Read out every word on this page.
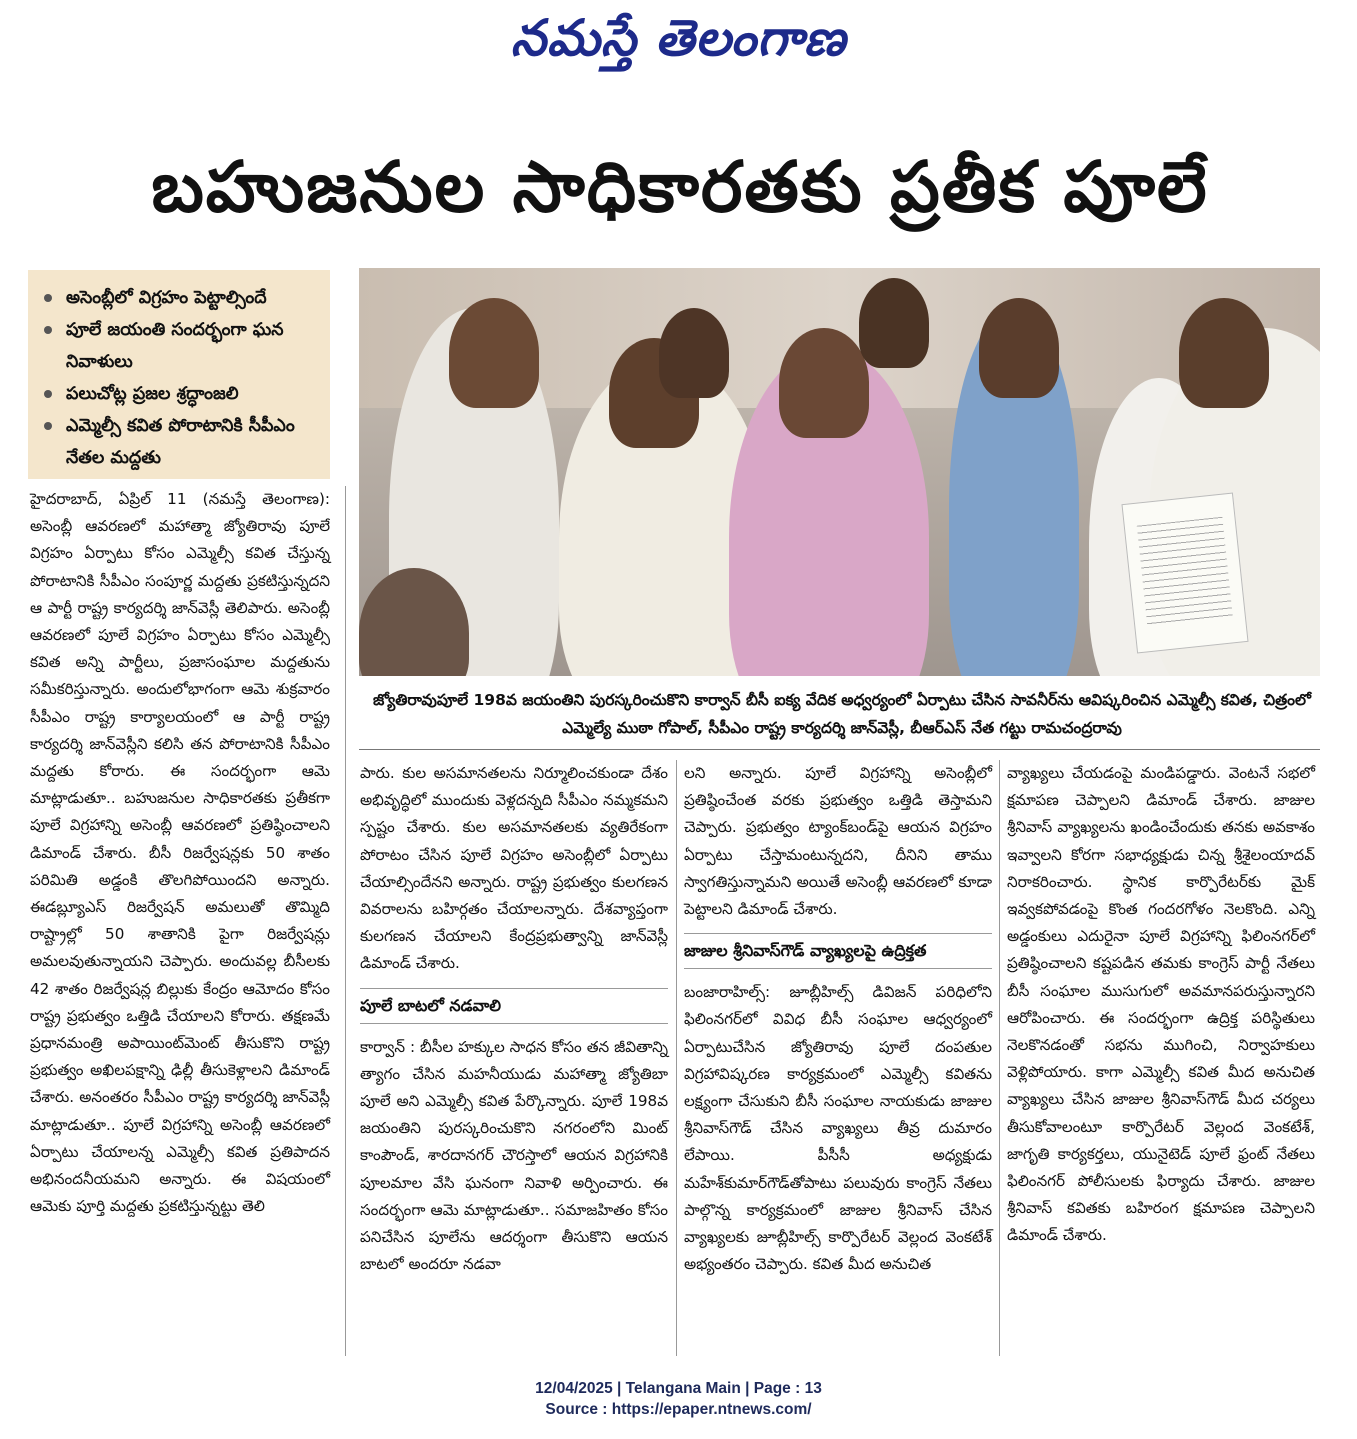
నమస్తే తెలంగాణ
బహుజనుల సాధికారతకు ప్రతీక పూలే
అసెంబ్లీలో విగ్రహం పెట్టాల్సిందే
పూలే జయంతి సందర్భంగా ఘన నివాళులు
పలుచోట్ల ప్రజల శ్రద్ధాంజలి
ఎమ్మెల్సీ కవిత పోరాటానికి సీపీఎం నేతల మద్దతు
జ్యోతిరావుపూలే 198వ జయంతిని పురస్కరించుకొని కార్వాన్ బీసీ ఐక్య వేదిక అధ్వర్యంలో ఏర్పాటు చేసిన సావనీర్‌ను ఆవిష్కరించిన ఎమ్మెల్సీ కవిత, చిత్రంలో ఎమ్మెల్యే ముఠా గోపాల్, సీపీఎం రాష్ట్ర కార్యదర్శి జాన్‌వెస్లీ, బీఆర్ఎస్ నేత గట్టు రామచంద్రరావు

హైదరాబాద్, ఏప్రిల్ 11 (నమస్తే తెలంగాణ): అసెంబ్లీ ఆవరణలో మహాత్మా జ్యోతిరావు పూలే విగ్రహం ఏర్పాటు కోసం ఎమ్మెల్సీ కవిత చేస్తున్న పోరాటానికి సీపీఎం సంపూర్ణ మద్దతు ప్రకటిస్తున్నదని ఆ పార్టీ రాష్ట్ర కార్యదర్శి జాన్‌వెస్లీ తెలిపారు. అసెంబ్లీ ఆవరణలో పూలే విగ్రహం ఏర్పాటు కోసం ఎమ్మెల్సీ కవిత అన్ని పార్టీలు, ప్రజాసంఘాల మద్దతును సమీకరిస్తున్నారు. అందులోభాగంగా ఆమె శుక్రవారం సీపీఎం రాష్ట్ర కార్యాలయంలో ఆ పార్టీ రాష్ట్ర కార్యదర్శి జాన్‌వెస్లీని కలిసి తన పోరాటానికి సీపీఎం మద్దతు కోరారు. ఈ సందర్భంగా ఆమె మాట్లాడుతూ.. బహుజనుల సాధికారతకు ప్రతీకగా పూలే విగ్రహాన్ని అసెంబ్లీ ఆవరణలో ప్రతిష్ఠించాలని డిమాండ్ చేశారు. బీసీ రిజర్వేషన్లకు 50 శాతం పరిమితి అడ్డంకి తొలగిపోయిందని అన్నారు. ఈడబ్ల్యూఎస్ రిజర్వేషన్ అమలుతో తొమ్మిది రాష్ట్రాల్లో 50 శాతానికి పైగా రిజర్వేషన్లు అమలవుతున్నాయని చెప్పారు. అందువల్ల బీసీలకు 42 శాతం రిజర్వేషన్ల బిల్లుకు కేంద్రం ఆమోదం కోసం రాష్ట్ర ప్రభుత్వం ఒత్తిడి చేయాలని కోరారు. తక్షణమే ప్రధానమంత్రి అపాయింట్‌మెంట్ తీసుకొని రాష్ట్ర ప్రభుత్వం అఖిలపక్షాన్ని ఢిల్లీ తీసుకెళ్లాలని డిమాండ్ చేశారు. అనంతరం సీపీఎం రాష్ట్ర కార్యదర్శి జాన్‌వెస్లీ మాట్లాడుతూ.. పూలే విగ్రహాన్ని అసెంబ్లీ ఆవరణలో ఏర్పాటు చేయాలన్న ఎమ్మెల్సీ కవిత ప్రతిపాదన అభినందనీయమని అన్నారు. ఈ విషయంలో ఆమెకు పూర్తి మద్దతు ప్రకటిస్తున్నట్టు తెలి

పారు. కుల అసమానతలను నిర్మూలించకుండా దేశం అభివృద్ధిలో ముందుకు వెళ్లదన్నది సీపీఎం నమ్మకమని స్పష్టం చేశారు. కుల అసమానతలకు వ్యతిరేకంగా పోరాటం చేసిన పూలే విగ్రహం అసెంబ్లీలో ఏర్పాటు చేయాల్సిందేనని అన్నారు. రాష్ట్ర ప్రభుత్వం కులగణన వివరాలను బహిర్గతం చేయాలన్నారు. దేశవ్యాప్తంగా కులగణన చేయాలని కేంద్రప్రభుత్వాన్ని జాన్‌వెస్లీ డిమాండ్ చేశారు.

పూలే బాటలో నడవాలి

కార్వాన్ : బీసీల హక్కుల సాధన కోసం తన జీవితాన్ని త్యాగం చేసిన మహనీయుడు మహాత్మా జ్యోతిబా పూలే అని ఎమ్మెల్సీ కవిత పేర్కొన్నారు. పూలే 198వ జయంతిని పురస్కరించుకొని నగరంలోని మింట్ కాంపౌండ్, శారదానగర్ చౌరస్తాలో ఆయన విగ్రహానికి పూలమాల వేసి ఘనంగా నివాళి అర్పించారు. ఈ సందర్భంగా ఆమె మాట్లాడుతూ.. సమాజహితం కోసం పనిచేసిన పూలేను ఆదర్శంగా తీసుకొని ఆయన బాటలో అందరూ నడవా

లని అన్నారు. పూలే విగ్రహాన్ని అసెంబ్లీలో ప్రతిష్ఠించేంత వరకు ప్రభుత్వం ఒత్తిడి తెస్తామని చెప్పారు. ప్రభుత్వం ట్యాంక్‌బండ్‌పై ఆయన విగ్రహం ఏర్పాటు చేస్తామంటున్నదని, దీనిని తాము స్వాగతిస్తున్నామని అయితే అసెంబ్లీ ఆవరణలో కూడా పెట్టాలని డిమాండ్ చేశారు.

జాజుల శ్రీనివాస్‌గౌడ్ వ్యాఖ్యలపై ఉద్రిక్తత

బంజారాహిల్స్: జూబ్లీహిల్స్ డివిజన్ పరిధిలోని ఫిలింనగర్‌లో వివిధ బీసీ సంఘాల ఆధ్వర్యంలో ఏర్పాటుచేసిన జ్యోతిరావు పూలే దంపతుల విగ్రహావిష్కరణ కార్యక్రమంలో ఎమ్మెల్సీ కవితను లక్ష్యంగా చేసుకుని బీసీ సంఘాల నాయకుడు జాజుల శ్రీనివాస్‌గౌడ్ చేసిన వ్యాఖ్యలు తీవ్ర దుమారం లేపాయి. పీసీసీ అధ్యక్షుడు మహేశ్‌కుమార్‌గౌడ్‌తోపాటు పలువురు కాంగ్రెస్ నేతలు పాల్గొన్న కార్యక్రమంలో జాజుల శ్రీనివాస్ చేసిన వ్యాఖ్యలకు జూబ్లీహిల్స్ కార్పొరేటర్ వెల్లంద వెంకటేశ్ అభ్యంతరం చెప్పారు. కవిత మీద అనుచిత

వ్యాఖ్యలు చేయడంపై మండిపడ్డారు. వెంటనే సభలో క్షమాపణ చెప్పాలని డిమాండ్ చేశారు. జాజుల శ్రీనివాస్ వ్యాఖ్యలను ఖండించేందుకు తనకు అవకాశం ఇవ్వాలని కోరగా సభాధ్యక్షుడు చిన్న శ్రీశైలంయాదవ్ నిరాకరించారు. స్థానిక కార్పొరేటర్‌కు మైక్ ఇవ్వకపోవడంపై కొంత గందరగోళం నెలకొంది. ఎన్ని అడ్డంకులు ఎదురైనా పూలే విగ్రహాన్ని ఫిలింనగర్‌లో ప్రతిష్ఠించాలని కష్టపడిన తమకు కాంగ్రెస్ పార్టీ నేతలు బీసీ సంఘాల ముసుగులో అవమానపరుస్తున్నారని ఆరోపించారు. ఈ సందర్భంగా ఉద్రిక్త పరిస్థితులు నెలకొనడంతో సభను ముగించి, నిర్వాహకులు వెళ్లిపోయారు. కాగా ఎమ్మెల్సీ కవిత మీద అనుచిత వ్యాఖ్యలు చేసిన జాజుల శ్రీనివాస్‌గౌడ్ మీద చర్యలు తీసుకోవాలంటూ కార్పొరేటర్ వెల్లంద వెంకటేశ్, జాగృతి కార్యకర్తలు, యునైటెడ్ పూలే ఫ్రంట్ నేతలు ఫిలింనగర్ పోలీసులకు ఫిర్యాదు చేశారు. జాజుల శ్రీనివాస్ కవితకు బహిరంగ క్షమాపణ చెప్పాలని డిమాండ్ చేశారు.

12/04/2025 | Telangana Main | Page : 13
Source : https://epaper.ntnews.com/
